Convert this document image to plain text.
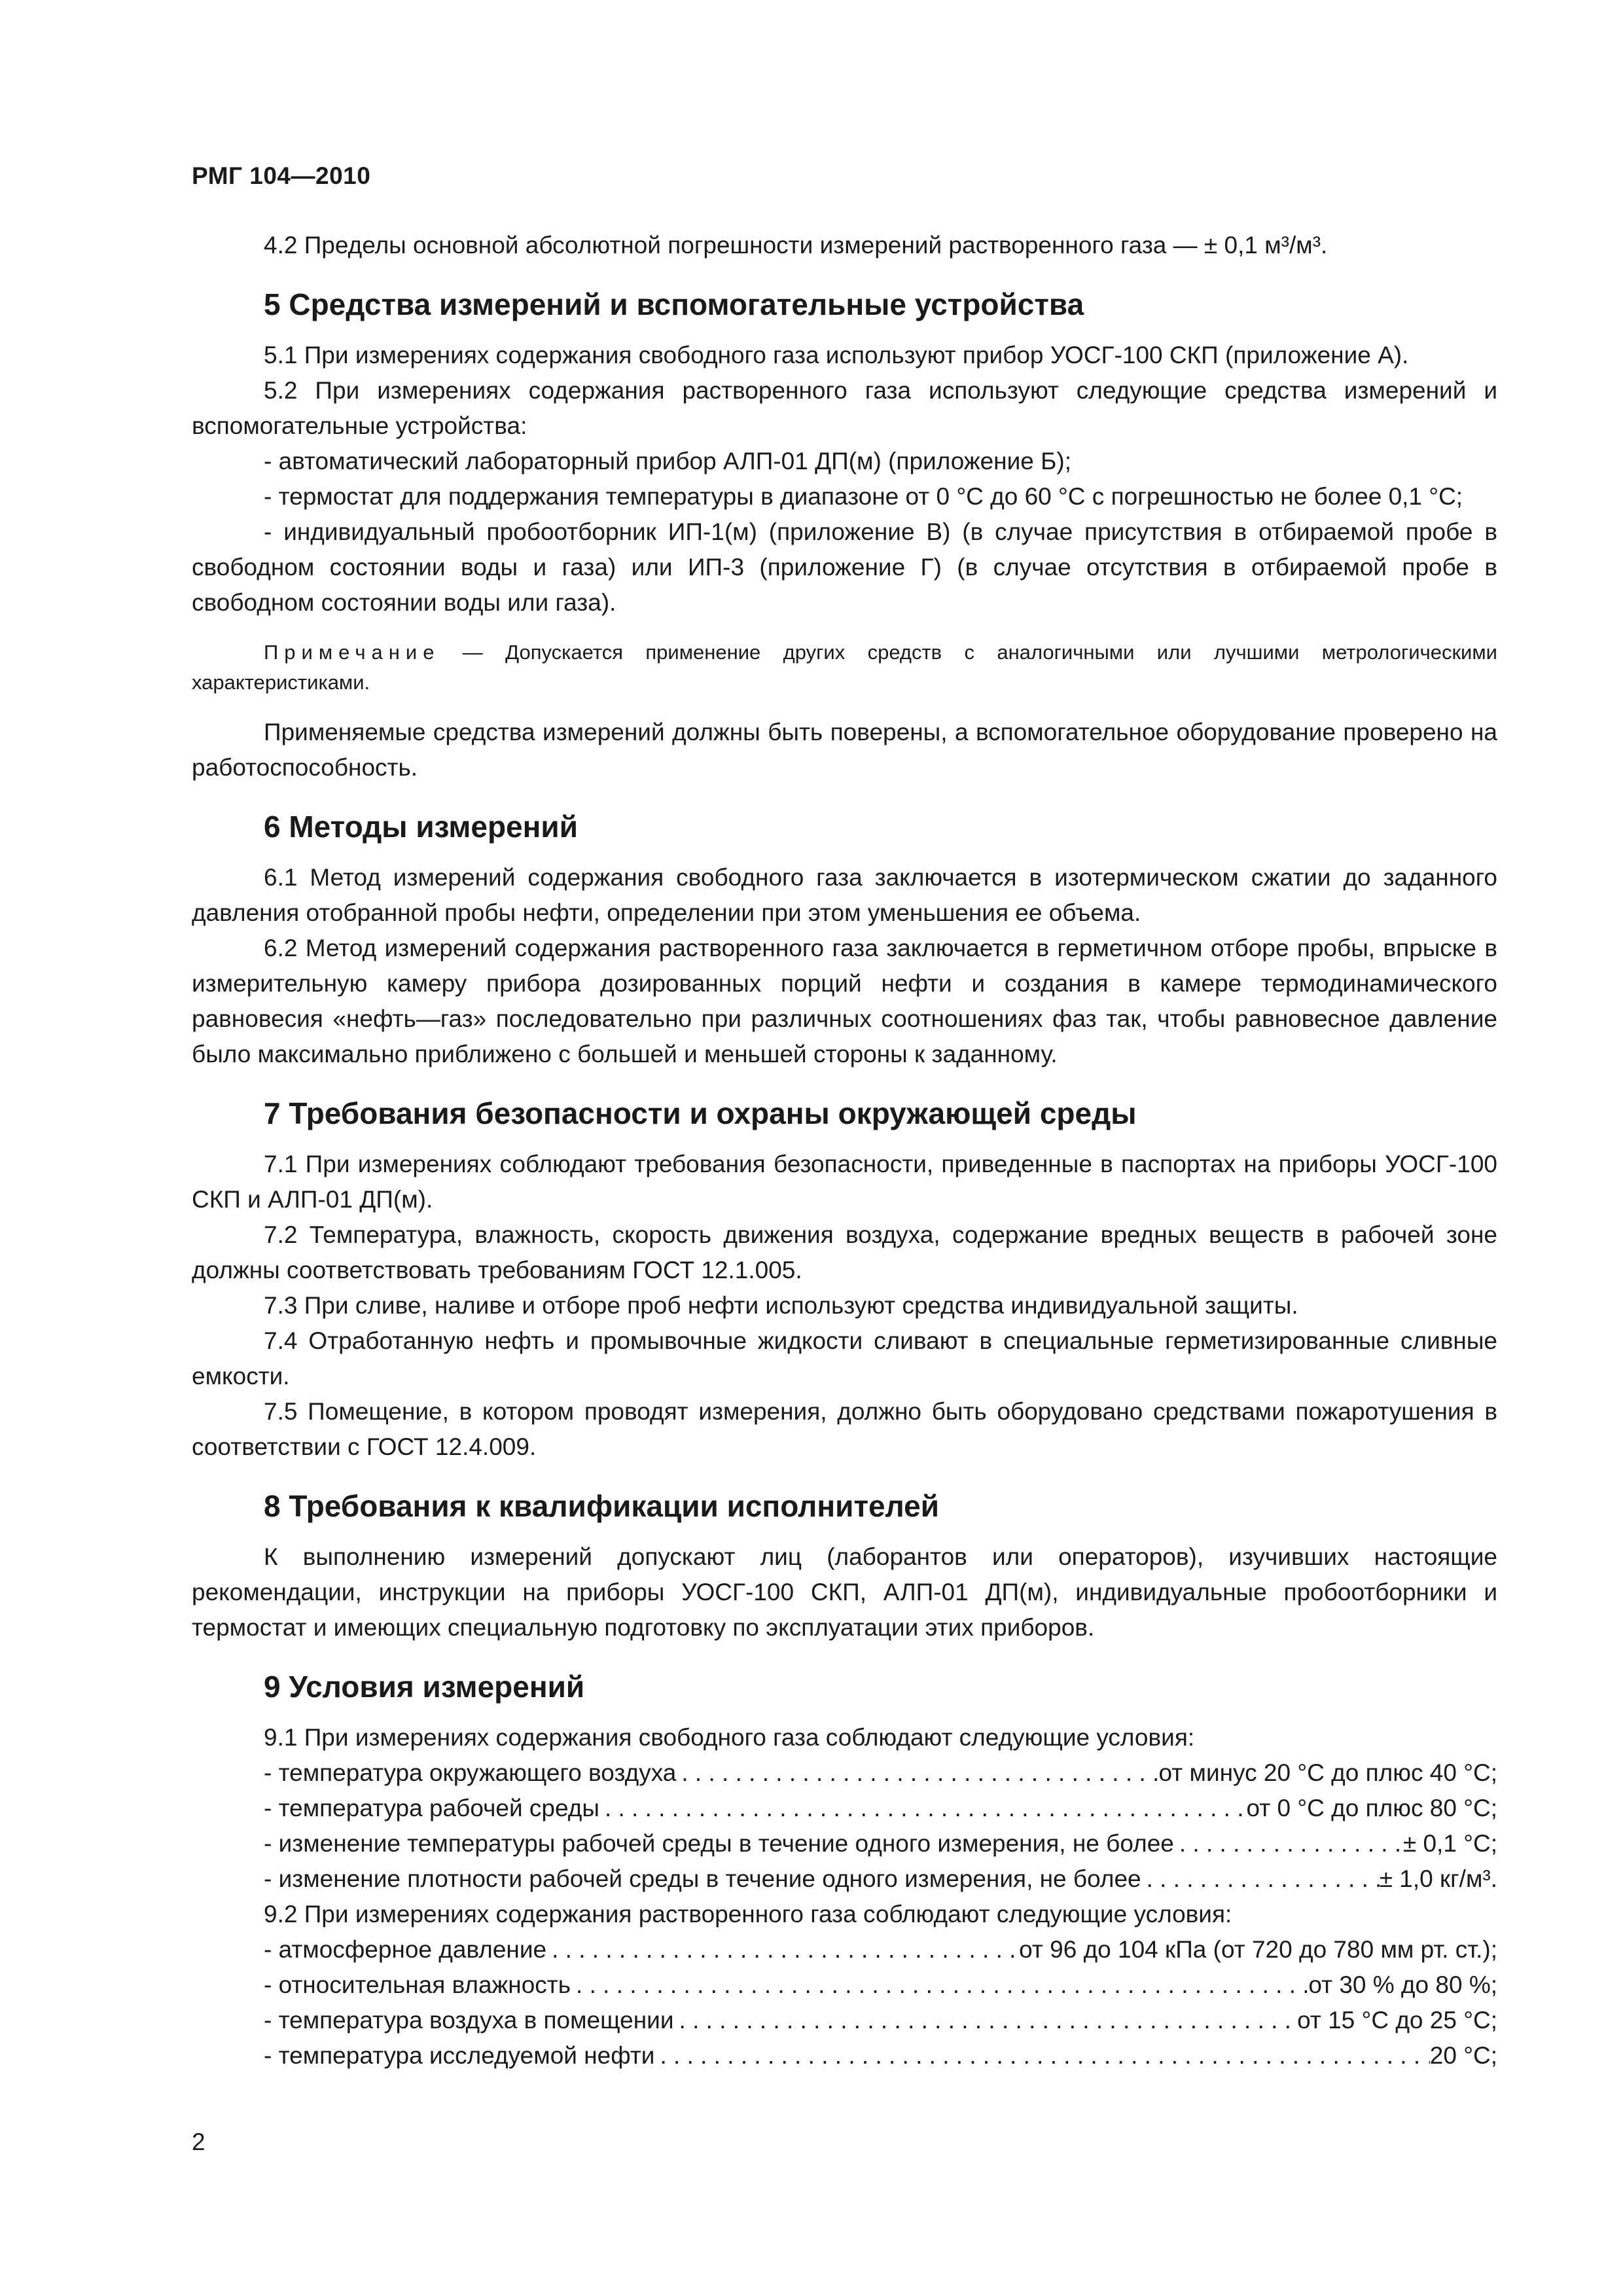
РМГ 104—2010

4.2 Пределы основной абсолютной погрешности измерений растворенного газа — ± 0,1 м³/м³.

5 Средства измерений и вспомогательные устройства

5.1 При измерениях содержания свободного газа используют прибор УОСГ-100 СКП (приложение А).

5.2 При измерениях содержания растворенного газа используют следующие средства измерений и вспомогательные устройства:

- автоматический лабораторный прибор АЛП-01 ДП(м) (приложение Б);

- термостат для поддержания температуры в диапазоне от 0 °С до 60 °С с погрешностью не более 0,1 °С;

- индивидуальный пробоотборник ИП-1(м) (приложение В) (в случае присутствия в отбираемой пробе в свободном состоянии воды и газа) или ИП-3 (приложение Г) (в случае отсутствия в отбираемой пробе в свободном состоянии воды или газа).

Примечание — Допускается применение других средств с аналогичными или лучшими метрологическими характеристиками.

Применяемые средства измерений должны быть поверены, а вспомогательное оборудование проверено на работоспособность.

6 Методы измерений

6.1 Метод измерений содержания свободного газа заключается в изотермическом сжатии до заданного давления отобранной пробы нефти, определении при этом уменьшения ее объема.

6.2 Метод измерений содержания растворенного газа заключается в герметичном отборе пробы, впрыске в измерительную камеру прибора дозированных порций нефти и создания в камере термодинамического равновесия «нефть—газ» последовательно при различных соотношениях фаз так, чтобы равновесное давление было максимально приближено с большей и меньшей стороны к заданному.

7 Требования безопасности и охраны окружающей среды

7.1 При измерениях соблюдают требования безопасности, приведенные в паспортах на приборы УОСГ-100 СКП и АЛП-01 ДП(м).

7.2 Температура, влажность, скорость движения воздуха, содержание вредных веществ в рабочей зоне должны соответствовать требованиям ГОСТ 12.1.005.

7.3 При сливе, наливе и отборе проб нефти используют средства индивидуальной защиты.

7.4 Отработанную нефть и промывочные жидкости сливают в специальные герметизированные сливные емкости.

7.5 Помещение, в котором проводят измерения, должно быть оборудовано средствами пожаротушения в соответствии с ГОСТ 12.4.009.

8 Требования к квалификации исполнителей

К выполнению измерений допускают лиц (лаборантов или операторов), изучивших настоящие рекомендации, инструкции на приборы УОСГ-100 СКП, АЛП-01 ДП(м), индивидуальные пробоотборники и термостат и имеющих специальную подготовку по эксплуатации этих приборов.

9 Условия измерений

9.1 При измерениях содержания свободного газа соблюдают следующие условия:

- температура окружающего воздуха . . .	от минус 20 °С до плюс 40 °С;
- температура рабочей среды . . .	от 0 °С до плюс 80 °С;
- изменение температуры рабочей среды в течение одного измерения, не более . . .	± 0,1 °С;
- изменение плотности рабочей среды в течение одного измерения, не более . . .	± 1,0 кг/м³.

9.2 При измерениях содержания растворенного газа соблюдают следующие условия:

- атмосферное давление . . .	от 96 до 104 кПа (от 720 до 780 мм рт. ст.);
- относительная влажность . . .	от 30 % до 80 %;
- температура воздуха в помещении . . .	от 15 °С до 25 °С;
- температура исследуемой нефти . . .	20 °С;
2
